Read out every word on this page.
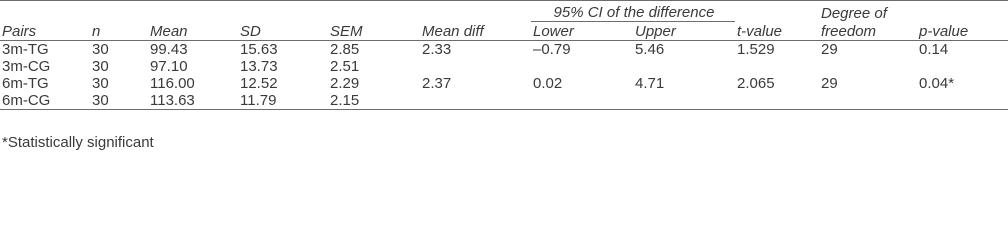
Pairs	n	Mean	SD	SEM	Mean diff	95% CI of the difference		t-value	Degree of	
						Lower	Upper		freedom	p-value
3m-TG	30	99.43	15.63	2.85	2.33	–0.79	5.46	1.529	29	0.14
3m-CG	30	97.10	13.73	2.51						
6m-TG	30	116.00	12.52	2.29	2.37	0.02	4.71	2.065	29	0.04*
6m-CG	30	113.63	11.79	2.15						
*Statistically significant
